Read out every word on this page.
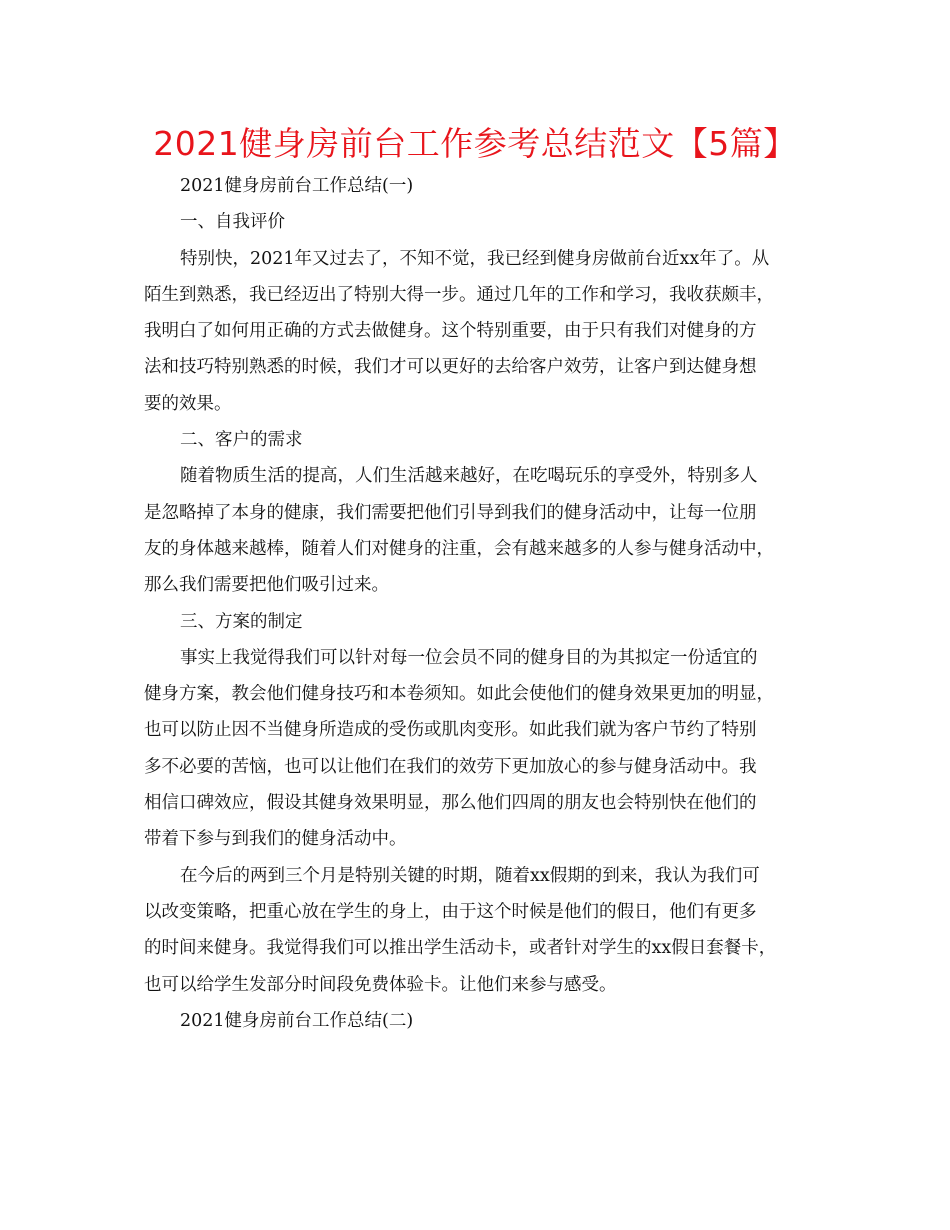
2021健身房前台工作参考总结范文【5篇】
2021健身房前台工作总结(一)
一、自我评价
特别快，2021年又过去了，不知不觉，我已经到健身房做前台近xx年了。从
陌生到熟悉，我已经迈出了特别大得一步。通过几年的工作和学习，我收获颇丰，
我明白了如何用正确的方式去做健身。这个特别重要，由于只有我们对健身的方
法和技巧特别熟悉的时候，我们才可以更好的去给客户效劳，让客户到达健身想
要的效果。
二、客户的需求
随着物质生活的提高，人们生活越来越好，在吃喝玩乐的享受外，特别多人
是忽略掉了本身的健康，我们需要把他们引导到我们的健身活动中，让每一位朋
友的身体越来越棒，随着人们对健身的注重，会有越来越多的人参与健身活动中，
那么我们需要把他们吸引过来。
三、方案的制定
事实上我觉得我们可以针对每一位会员不同的健身目的为其拟定一份适宜的
健身方案，教会他们健身技巧和本卷须知。如此会使他们的健身效果更加的明显，
也可以防止因不当健身所造成的受伤或肌肉变形。如此我们就为客户节约了特别
多不必要的苦恼，也可以让他们在我们的效劳下更加放心的参与健身活动中。我
相信口碑效应，假设其健身效果明显，那么他们四周的朋友也会特别快在他们的
带着下参与到我们的健身活动中。
在今后的两到三个月是特别关键的时期，随着xx假期的到来，我认为我们可
以改变策略，把重心放在学生的身上，由于这个时候是他们的假日，他们有更多
的时间来健身。我觉得我们可以推出学生活动卡，或者针对学生的xx假日套餐卡，
也可以给学生发部分时间段免费体验卡。让他们来参与感受。
2021健身房前台工作总结(二)
